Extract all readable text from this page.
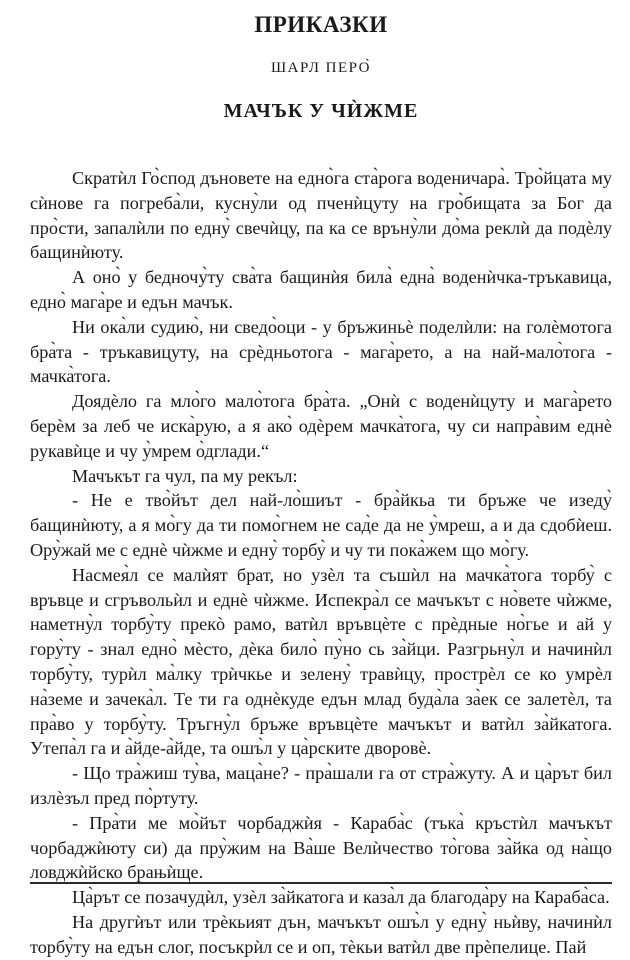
ПРИКАЗКИ
ШАРЛ ПЕРО̀
МАЧЪК У ЧЍЖМЕ

Скратѝл Го̀спод дъновете на едно̀га ста̀рога воденичара̀. Тро̀йцата му сѝнове га погреба̀ли, кусну̀ли од пченѝцуту на гро̀бищата за Бог да про̀сти, запалѝли по едну̀ свечѝцу, па ка се връну̀ли до̀ма реклѝ да подѐлу бащинѝюту.

А оно̀ у бедночу̀ту сва̀та бащинѝя била̀ една̀ воденѝчка-тръкавица, едно̀ мага̀ре и едън мачък.

Ни ока̀ли судию̀, ни сведо̀оци - у бръжиньѐ поделѝли: на голѐмотога бра̀та - тръкавицуту, на срѐдньотога - мага̀рето, а на най-мало̀тога - мачка̀тога.

Доядѐло га мло̀го мало̀тога бра̀та. „Онѝ с воденѝцуту и мага̀рето берѐм за леб че иска̀рую, а я ако̀ одѐрем мачка̀тога, чу си напра̀вим еднѐ рукавѝце и чу у̀мрем о̀дглади.“

Мачъкът га чул, па му рекъл:

- Не е тво̀йът дел най-ло̀шиът - бра̀йкьа ти бръже че изеду̀ бащинѝюту, а я мо̀гу да ти помо̀гнем не сад̀е да не у̀мреш, а и да сдобѝеш. Ору̀жай ме с еднѐ чѝжме и едну̀ торбу̀ и чу ти пока̀жем що мо̀гу.

Насмея̀л се малѝят брат, но узѐл та съшѝл на мачка̀тога торбу̀ с връвце и сгръвольѝл и еднѐ чѝжме. Испекра̀л се мачъкът с но̀вете чѝжме, наметну̀л торбу̀ту прекò рамо, ватѝл връвцѐте с прѐдные но̀гье и ай у гору̀ту - знал едно̀ мѐсто, дѐка било̀ пу̀но сь за̀йци. Разгрьну̀л и начинѝл торбу̀ту, турѝл ма̀лку трѝчкье и зелену̀ травѝцу, прострѐл се ко умрѐл на̀земе и зачека̀л. Те ти га однѐкуде едън млад буда̀ла за̀ек се залетѐл, та пра̀во у торбу̀ту. Тръгну̀л бръже връвцѐте мачъкът и ватѝл за̀йкатога. Утепа̀л га и а̀йде-а̀йде, та ошъ̀л у ца̀рските дворовѐ.

- Що тра̀жиш ту̀ва, маца̀не? - пра̀шали га от стра̀жуту. А и ца̀рът бил излѐзъл пред по̀ртуту.

- Пра̀ти ме мо̀йът чорбаджѝя - Караба̀с (тъка̀ кръстѝл мачъкът чорбаджѝюту си) да пру̀жим на Ва̀ше Велѝчество то̀гова за̀йка од на̀що ловджѝйско брањѝще.

Ца̀рът се позачудѝл, узѐл за̀йкатога и каза̀л да благода̀ру на Караба̀са.

На другѝът или трѐкьият дън, мачъкът ошъ̀л у едну̀ ньѝву, начинѝл торбу̀ту на едън слог, посъкрѝл се и оп, тѐкьи ватѝл две прѐпелице. Пай
